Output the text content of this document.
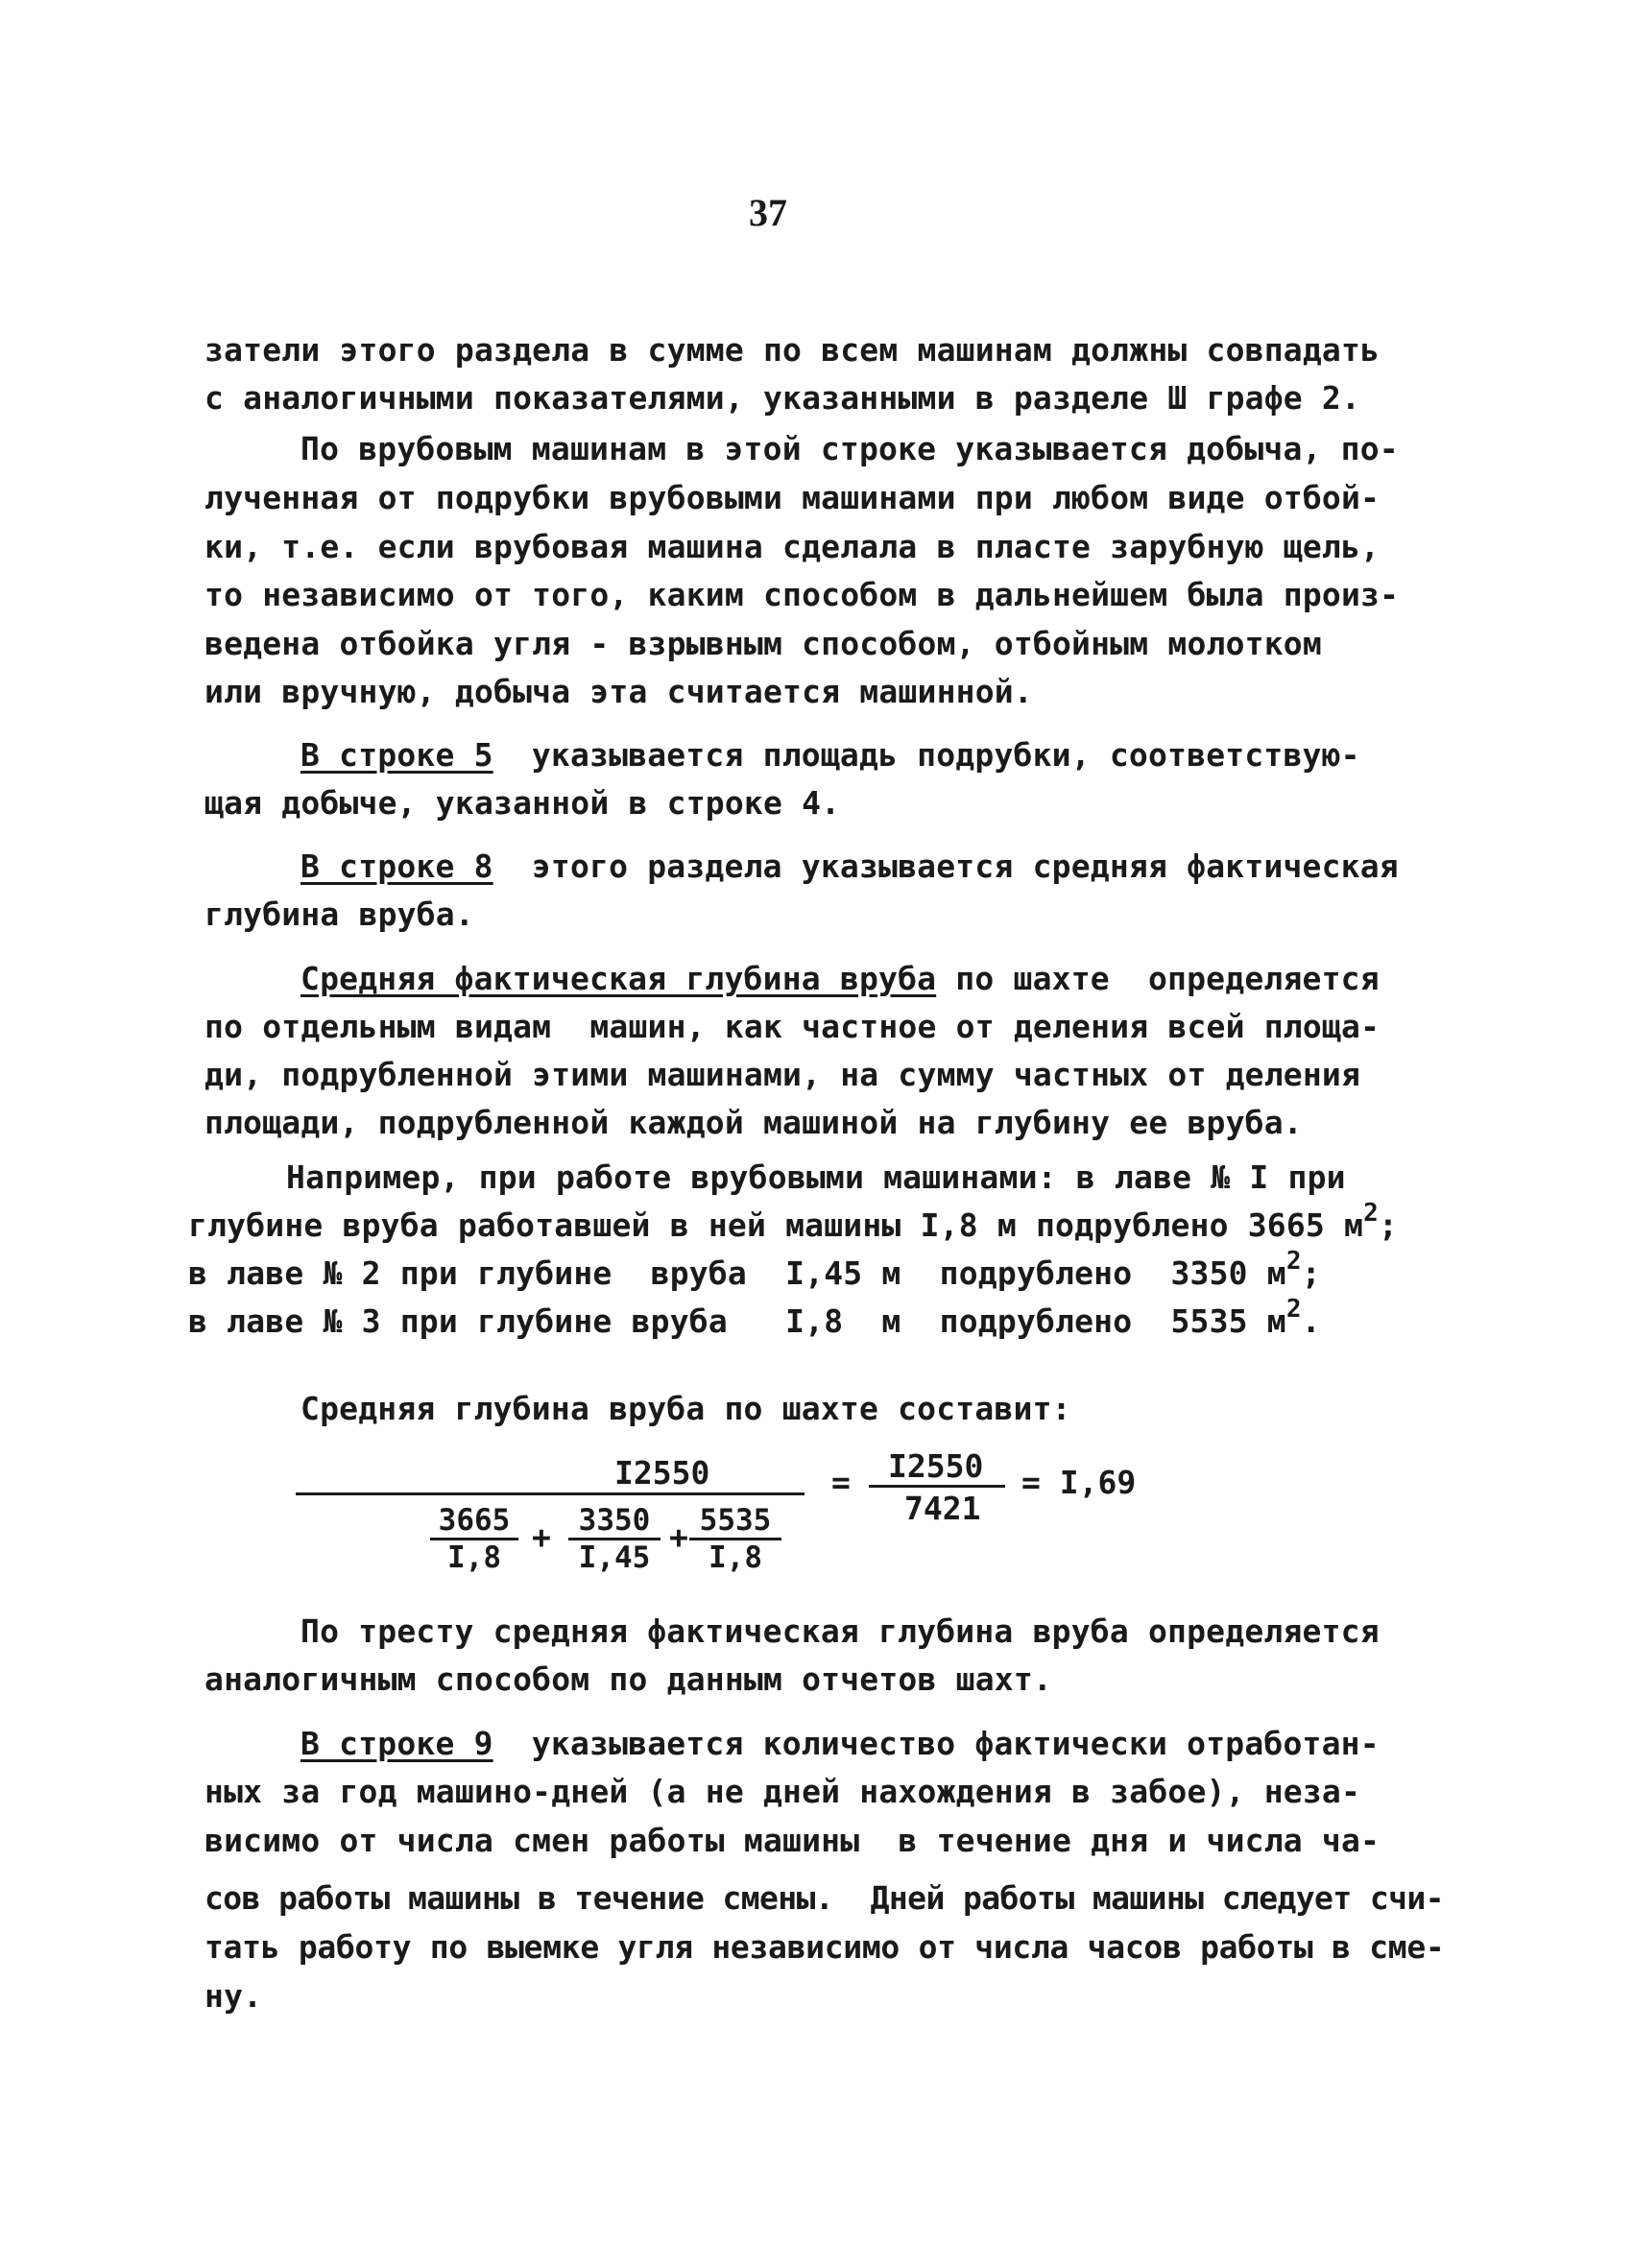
37
затели этого раздела в сумме по всем машинам должны совпадать
с аналогичными показателями, указанными в разделе Ш графе 2.
По врубовым машинам в этой строке указывается добыча, по-
лученная от подрубки врубовыми машинами при любом виде отбой-
ки, т.е. если врубовая машина сделала в пласте зарубную щель,
то независимо от того, каким способом в дальнейшем была произ-
ведена отбойка угля - взрывным способом, отбойным молотком
или вручную, добыча эта считается машинной.
В строке 5  указывается площадь подрубки, соответствую-
щая добыче, указанной в строке 4.
В строке 8  этого раздела указывается средняя фактическая
глубина вруба.
Средняя фактическая глубина вруба по шахте  определяется
по отдельным видам  машин, как частное от деления всей площа-
ди, подрубленной этими машинами, на сумму частных от деления
площади, подрубленной каждой машиной на глубину ее вруба.
Например, при работе врубовыми машинами: в лаве № I при
глубине вруба работавшей в ней машины I,8 м подрублено 3665 $м^2$;
в лаве № 2 при глубине  вруба  I,45 м  подрублено  3350 $м^2$;
в лаве № 3 при глубине вруба   I,8  м  подрублено  5535 $м^2$.
Средняя глубина вруба по шахте составит:
I2550
$\frac{3665}{I,8} + \frac{3350}{I,45} + \frac{5535}{I,8}$
= I2550
7421
= I,69
По тресту средняя фактическая глубина вруба определяется
аналогичным способом по данным отчетов шахт.
В строке 9  указывается количество фактически отработан-
ных за год машино-дней (а не дней нахождения в забое), неза-
висимо от числа смен работы машины  в течение дня и числа ча-
сов работы машины в течение смены.  Дней работы машины следует счи-
тать работу по выемке угля независимо от числа часов работы в сме-
ну.
